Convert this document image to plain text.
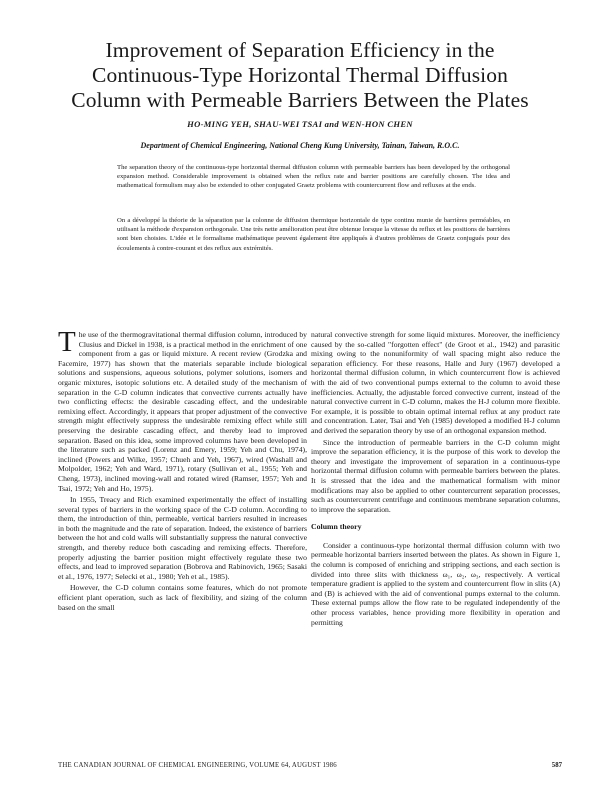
Improvement of Separation Efficiency in the
Continuous-Type Horizontal Thermal Diffusion
Column with Permeable Barriers Between the Plates
HO-MING YEH, SHAU-WEI TSAI and WEN-HON CHEN
Department of Chemical Engineering, National Cheng Kung University, Tainan, Taiwan, R.O.C.

The separation theory of the continuous-type horizontal thermal diffusion column with permeable barriers has been developed by the orthogonal expansion method. Considerable improvement is obtained when the reflux rate and barrier positions are carefully chosen. The idea and mathematical formulism may also be extended to other conjugated Graetz problems with countercurrent flow and refluxes at the ends.

On a développé la théorie de la séparation par la colonne de diffusion thermique horizontale de type continu munie de barrières perméables, en utilisant la méthode d'expansion orthogonale. Une très nette amélioration peut être obtenue lorsque la vitesse du reflux et les positions de barrières sont bien choisies. L'idée et le formalisme mathématique peuvent également être appliqués à d'autres problèmes de Graetz conjugués pour des écoulements à contre-courant et des reflux aux extrémités.

The use of the thermogravitational thermal diffusion column, introduced by Clusius and Dickel in 1938, is a practical method in the enrichment of one component from a gas or liquid mixture. A recent review (Grodzka and Facemire, 1977) has shown that the materials separable include biological solutions and suspensions, aqueous solutions, polymer solutions, isomers and organic mixtures, isotopic solutions etc. A detailed study of the mechanism of separation in the C-D column indicates that convective currents actually have two conflicting effects: the desirable cascading effect, and the undesirable remixing effect. Accordingly, it appears that proper adjustment of the convective strength might effectively suppress the undesirable remixing effect while still preserving the desirable cascading effect, and thereby lead to improved separation. Based on this idea, some improved columns have been developed in the literature such as packed (Lorenz and Emery, 1959; Yeh and Chu, 1974), inclined (Powers and Wilke, 1957; Chueh and Yeh, 1967), wired (Washall and Molpolder, 1962; Yeh and Ward, 1971), rotary (Sullivan et al., 1955; Yeh and Cheng, 1973), inclined moving-wall and rotated wired (Ramser, 1957; Yeh and Tsai, 1972; Yeh and Ho, 1975).

In 1955, Treacy and Rich examined experimentally the effect of installing several types of barriers in the working space of the C-D column. According to them, the introduction of thin, permeable, vertical barriers resulted in increases in both the magnitude and the rate of separation. Indeed, the existence of barriers between the hot and cold walls will substantially suppress the natural convective strength, and thereby reduce both cascading and remixing effects. Therefore, properly adjusting the barrier position might effectively regulate these two effects, and lead to improved separation (Bobrova and Rabinovich, 1965; Sasaki et al., 1976, 1977; Selecki et al., 1980; Yeh et al., 1985).

However, the C-D column contains some features, which do not promote efficient plant operation, such as lack of flexibility, and sizing of the column based on the small

natural convective strength for some liquid mixtures. Moreover, the inefficiency caused by the so-called "forgotten effect" (de Groot et al., 1942) and parasitic mixing owing to the nonuniformity of wall spacing might also reduce the separation efficiency. For these reasons, Halle and Jury (1967) developed a horizontal thermal diffusion column, in which countercurrent flow is achieved with the aid of two conventional pumps external to the column to avoid these inefficiencies. Actually, the adjustable forced convective current, instead of the natural convective current in C-D column, makes the H-J column more flexible. For example, it is possible to obtain optimal internal reflux at any product rate and concentration. Later, Tsai and Yeh (1985) developed a modified H-J column and derived the separation theory by use of an orthogonal expansion method.

Since the introduction of permeable barriers in the C-D column might improve the separation efficiency, it is the purpose of this work to develop the theory and investigate the improvement of separation in a continuous-type horizontal thermal diffusion column with permeable barriers between the plates. It is stressed that the idea and the mathematical formalism with minor modifications may also be applied to other countercurrent separation processes, such as countercurrent centrifuge and continuous membrane separation columns, to improve the separation.

Column theory

Consider a continuous-type horizontal thermal diffusion column with two permeable horizontal barriers inserted between the plates. As shown in Figure 1, the column is composed of enriching and stripping sections, and each section is divided into three slits with thickness ω₁, ω₂, ω₃, respectively. A vertical temperature gradient is applied to the system and countercurrent flow in slits (A) and (B) is achieved with the aid of conventional pumps external to the column. These external pumps allow the flow rate to be regulated independently of the other process variables, hence providing more flexibility in operation and permitting

THE CANADIAN JOURNAL OF CHEMICAL ENGINEERING, VOLUME 64, AUGUST 1986	587
